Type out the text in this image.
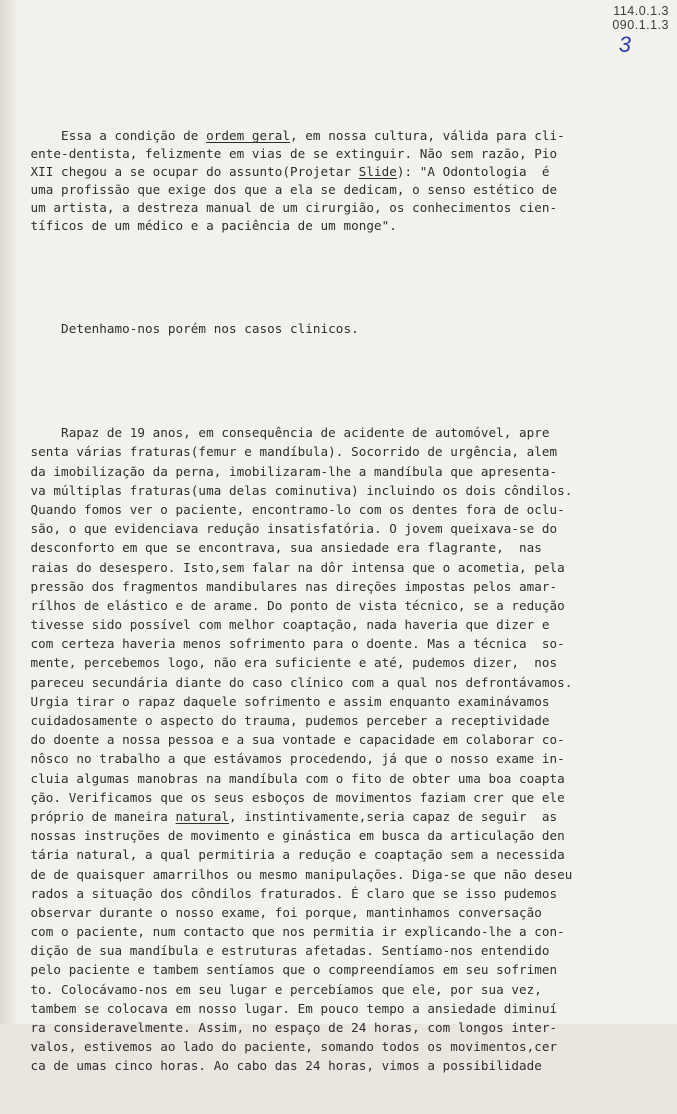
114.0.1.3
090.1.1.3
3

Essa a condição de ordem geral, em nossa cultura, válida para cli-
ente-dentista, felizmente em vias de se extinguir. Não sem razão, Pio
XII chegou a se ocupar do assunto(Projetar Slide): "A Odontologia  é
uma profissão que exige dos que a ela se dedicam, o senso estético de
um artista, a destreza manual de um cirurgião, os conhecimentos cien-
tíficos de um médico e a paciência de um monge".

Detenhamo-nos porém nos casos clinicos.

Rapaz de 19 anos, em consequência de acidente de automóvel, apre
senta várias fraturas(femur e mandíbula). Socorrido de urgência, alem
da imobilização da perna, imobilizaram-lhe a mandíbula que apresenta-
va múltiplas fraturas(uma delas cominutiva) incluindo os dois côndilos.
Quando fomos ver o paciente, encontramo-lo com os dentes fora de oclu-
são, o que evidenciava redução insatisfatória. O jovem queixava-se do
desconforto em que se encontrava, sua ansiedade era flagrante,  nas
raias do desespero. Isto,sem falar na dôr intensa que o acometia, pela
pressão dos fragmentos mandibulares nas direções impostas pelos amar-
rílhos de elástico e de arame. Do ponto de vista técnico, se a redução
tivesse sido possível com melhor coaptação, nada haveria que dizer e
com certeza haveria menos sofrimento para o doente. Mas a técnica  so-
mente, percebemos logo, não era suficiente e até, pudemos dizer,  nos
pareceu secundária diante do caso clínico com a qual nos defrontávamos.
Urgia tirar o rapaz daquele sofrimento e assim enquanto examinávamos
cuidadosamente o aspecto do trauma, pudemos perceber a receptividade
do doente a nossa pessoa e a sua vontade e capacidade em colaborar co-
nôsco no trabalho a que estávamos procedendo, já que o nosso exame in-
cluia algumas manobras na mandíbula com o fito de obter uma boa coapta
ção. Verificamos que os seus esboços de movimentos faziam crer que ele
próprio de maneira natural, instintivamente,seria capaz de seguir  as
nossas instruções de movimento e ginástica em busca da articulação den
tária natural, a qual permitiria a redução e coaptação sem a necessida
de de quaisquer amarrilhos ou mesmo manipulações. Diga-se que não deseu
rados a situação dos côndilos fraturados. É claro que se isso pudemos
observar durante o nosso exame, foi porque, mantinhamos conversação
com o paciente, num contacto que nos permitia ir explicando-lhe a con-
dição de sua mandíbula e estruturas afetadas. Sentíamo-nos entendido
pelo paciente e tambem sentíamos que o compreendíamos em seu sofrimen
to. Colocávamo-nos em seu lugar e percebíamos que ele, por sua vez,
tambem se colocava em nosso lugar. Em pouco tempo a ansiedade diminuí
ra consideravelmente. Assim, no espaço de 24 horas, com longos inter-
valos, estivemos ao lado do paciente, somando todos os movimentos,cer
ca de umas cinco horas. Ao cabo das 24 horas, vimos a possibilidade
